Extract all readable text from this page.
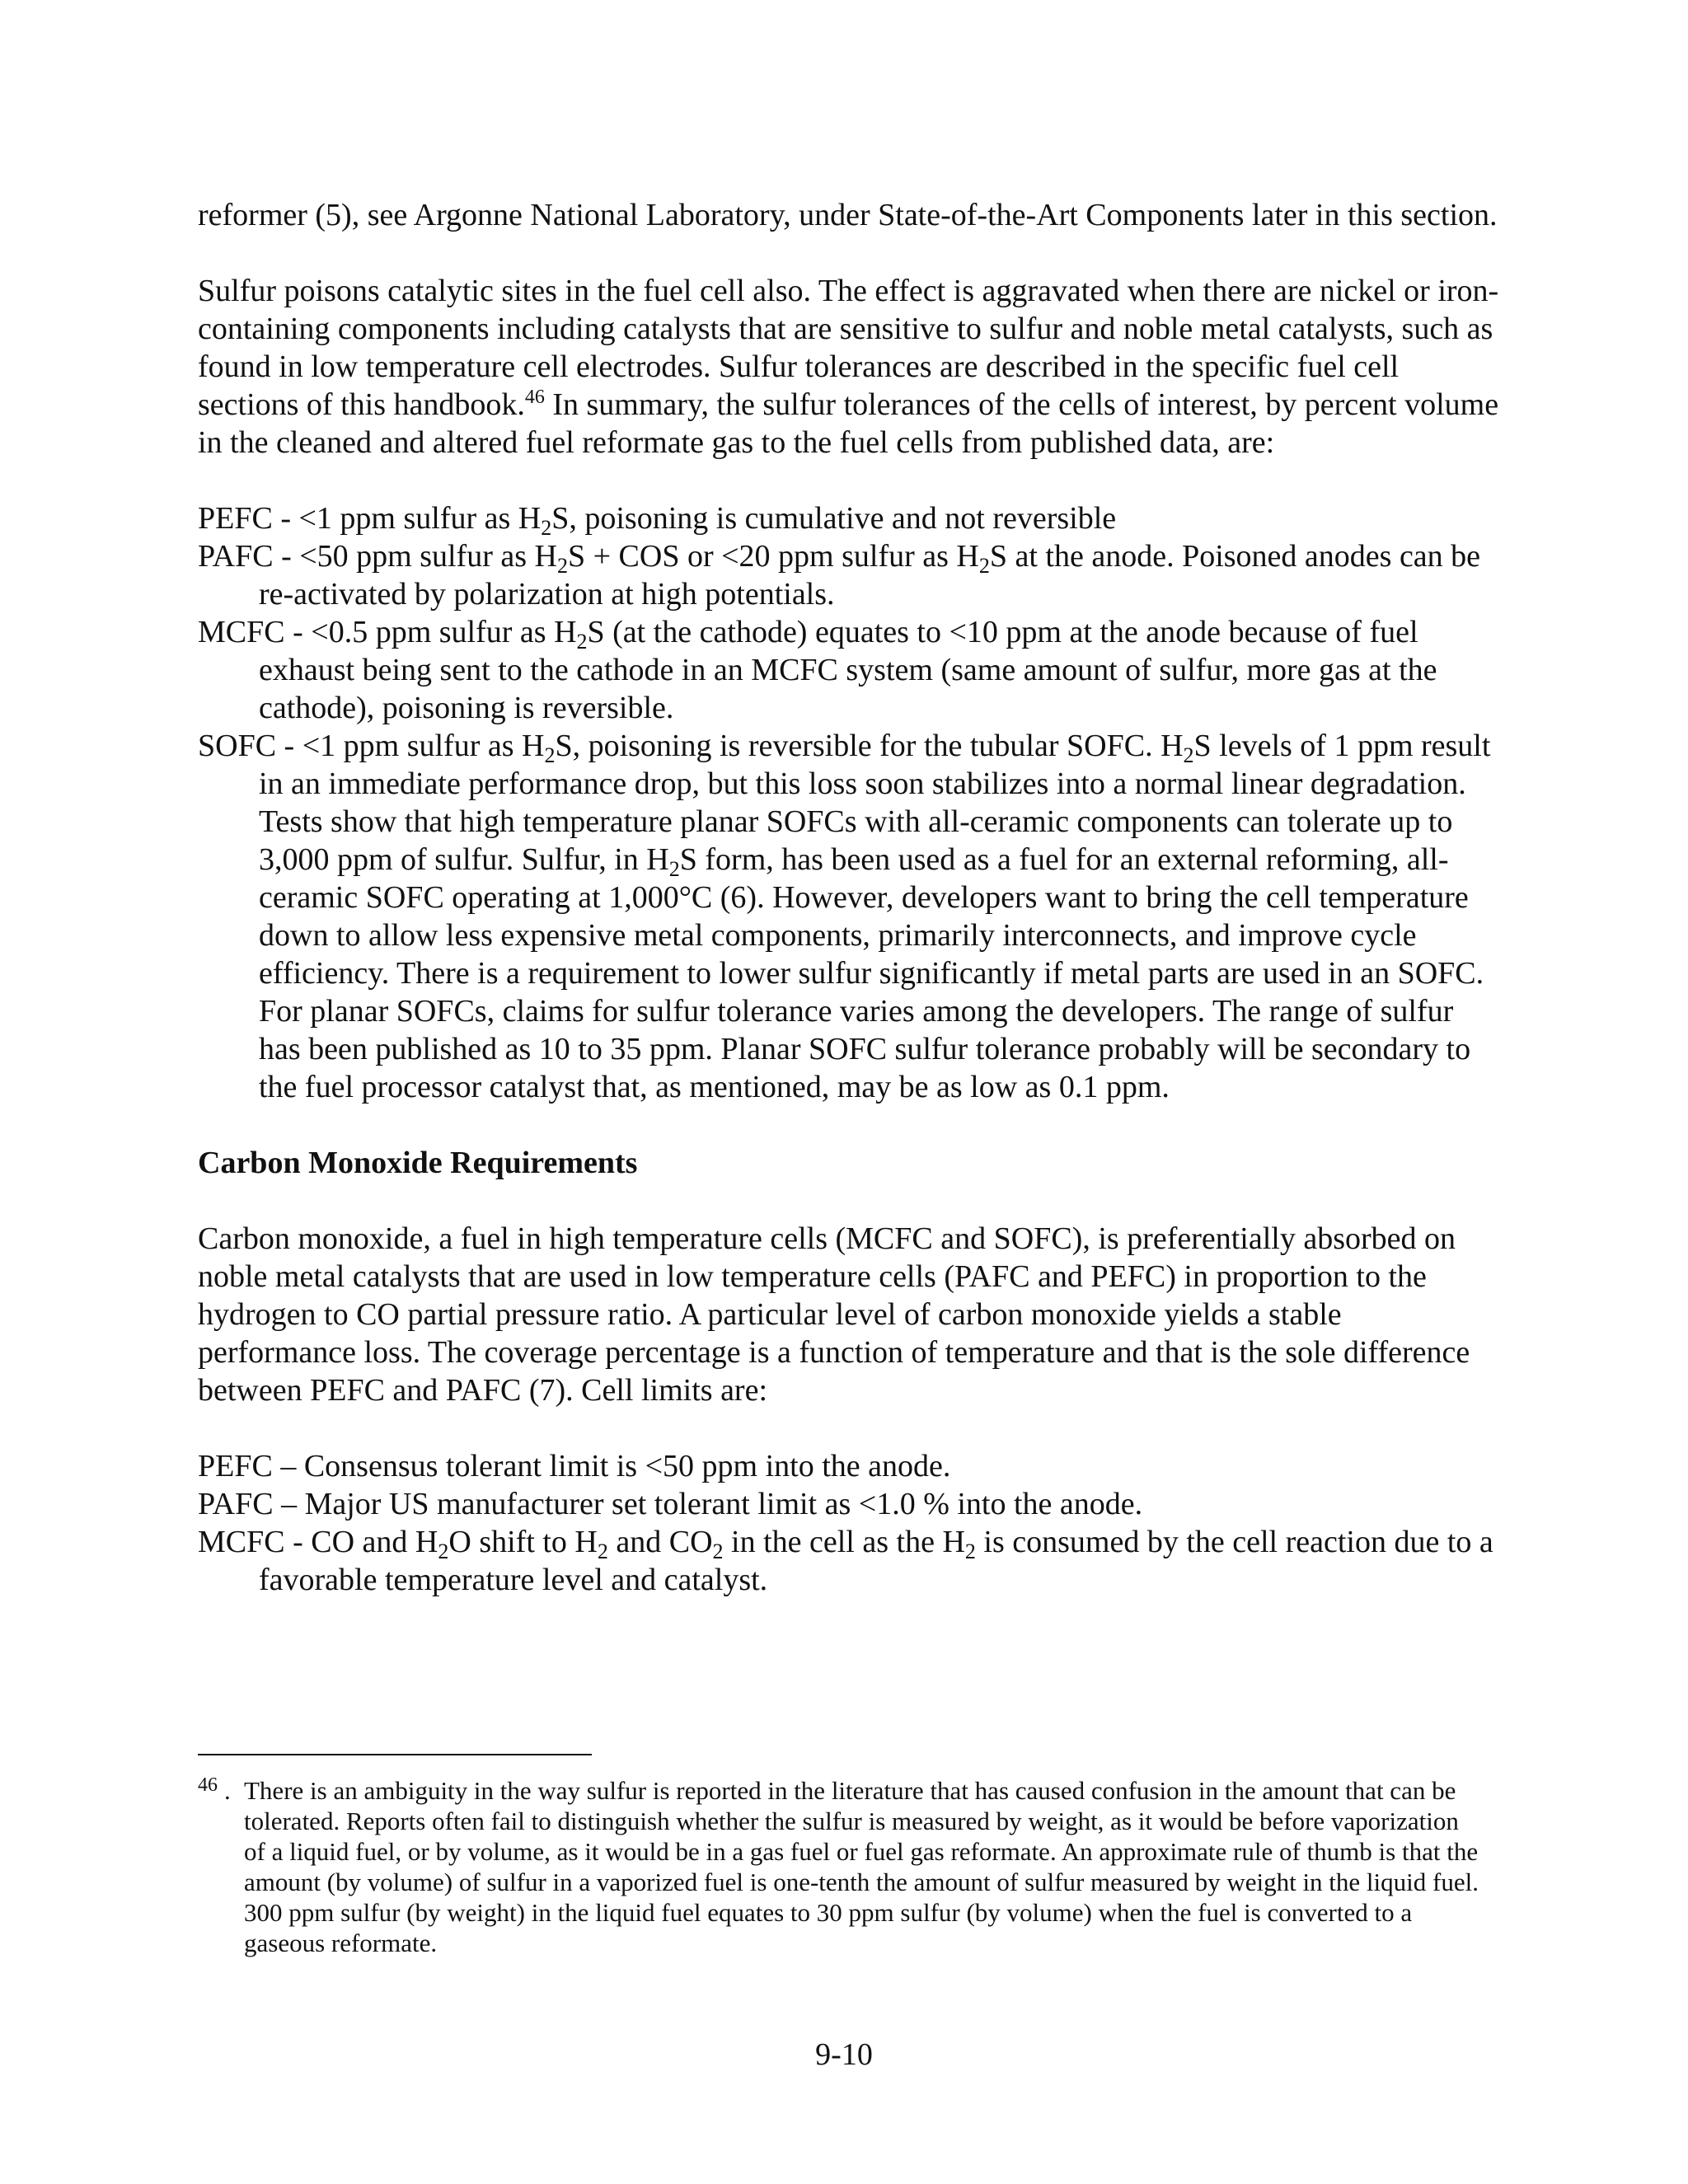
reformer (5), see Argonne National Laboratory, under State-of-the-Art Components later in this section.

Sulfur poisons catalytic sites in the fuel cell also. The effect is aggravated when there are nickel or iron-containing components including catalysts that are sensitive to sulfur and noble metal catalysts, such as found in low temperature cell electrodes. Sulfur tolerances are described in the specific fuel cell sections of this handbook.$^{46}$ In summary, the sulfur tolerances of the cells of interest, by percent volume in the cleaned and altered fuel reformate gas to the fuel cells from published data, are:

PEFC - <1 ppm sulfur as $H_2S$, poisoning is cumulative and not reversible

PAFC - <50 ppm sulfur as $H_2S$ + COS or <20 ppm sulfur as $H_2S$ at the anode. Poisoned anodes can be re-activated by polarization at high potentials.

MCFC - <0.5 ppm sulfur as $H_2S$ (at the cathode) equates to <10 ppm at the anode because of fuel exhaust being sent to the cathode in an MCFC system (same amount of sulfur, more gas at the cathode), poisoning is reversible.

SOFC - <1 ppm sulfur as $H_2S$, poisoning is reversible for the tubular SOFC. $H_2S$ levels of 1 ppm result in an immediate performance drop, but this loss soon stabilizes into a normal linear degradation. Tests show that high temperature planar SOFCs with all-ceramic components can tolerate up to 3,000 ppm of sulfur. Sulfur, in $H_2S$ form, has been used as a fuel for an external reforming, all-ceramic SOFC operating at 1,000°C (6). However, developers want to bring the cell temperature down to allow less expensive metal components, primarily interconnects, and improve cycle efficiency. There is a requirement to lower sulfur significantly if metal parts are used in an SOFC. For planar SOFCs, claims for sulfur tolerance varies among the developers. The range of sulfur has been published as 10 to 35 ppm. Planar SOFC sulfur tolerance probably will be secondary to the fuel processor catalyst that, as mentioned, may be as low as 0.1 ppm.

Carbon Monoxide Requirements

Carbon monoxide, a fuel in high temperature cells (MCFC and SOFC), is preferentially absorbed on noble metal catalysts that are used in low temperature cells (PAFC and PEFC) in proportion to the hydrogen to CO partial pressure ratio. A particular level of carbon monoxide yields a stable performance loss. The coverage percentage is a function of temperature and that is the sole difference between PEFC and PAFC (7). Cell limits are:

PEFC – Consensus tolerant limit is <50 ppm into the anode.

PAFC – Major US manufacturer set tolerant limit as <1.0 % into the anode.

MCFC - CO and $H_2O$ shift to $H_2$ and $CO_2$ in the cell as the $H_2$ is consumed by the cell reaction due to a favorable temperature level and catalyst.

46 . There is an ambiguity in the way sulfur is reported in the literature that has caused confusion in the amount that can be tolerated. Reports often fail to distinguish whether the sulfur is measured by weight, as it would be before vaporization of a liquid fuel, or by volume, as it would be in a gas fuel or fuel gas reformate. An approximate rule of thumb is that the amount (by volume) of sulfur in a vaporized fuel is one-tenth the amount of sulfur measured by weight in the liquid fuel. 300 ppm sulfur (by weight) in the liquid fuel equates to 30 ppm sulfur (by volume) when the fuel is converted to a gaseous reformate.
9-10
